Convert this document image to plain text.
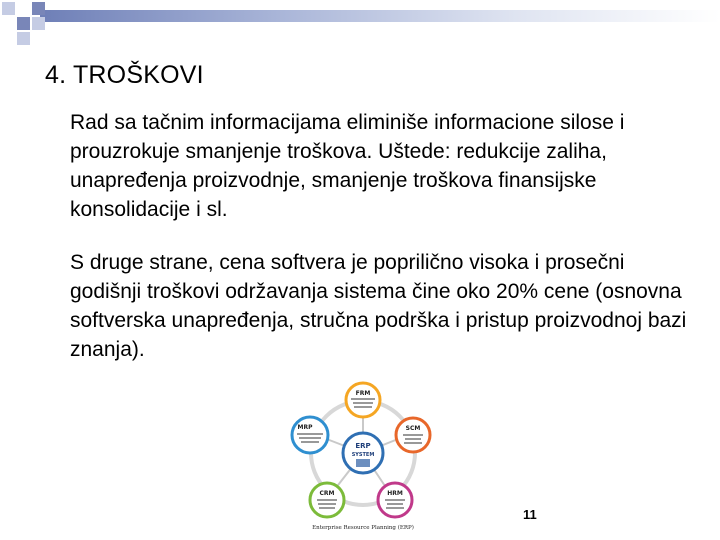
4. TROŠKOVI
Rad sa tačnim informacijama eliminiše informacione silose i prouzrokuje smanjenje troškova. Uštede: redukcije zaliha, unapređenja proizvodnje, smanjenje troškova finansijske konsolidacije i sl.
S druge strane, cena softvera je poprilično visoka i prosečni godišnji troškovi održavanja sistema čine oko 20% cene (osnovna softverska unapređenja, stručna podrška i pristup proizvodnoj bazi znanja).
ERP
SYSTEM
FRM
SCM
HRM
CRM
MRP
Enterprise Resource Planning (ERP)
11
